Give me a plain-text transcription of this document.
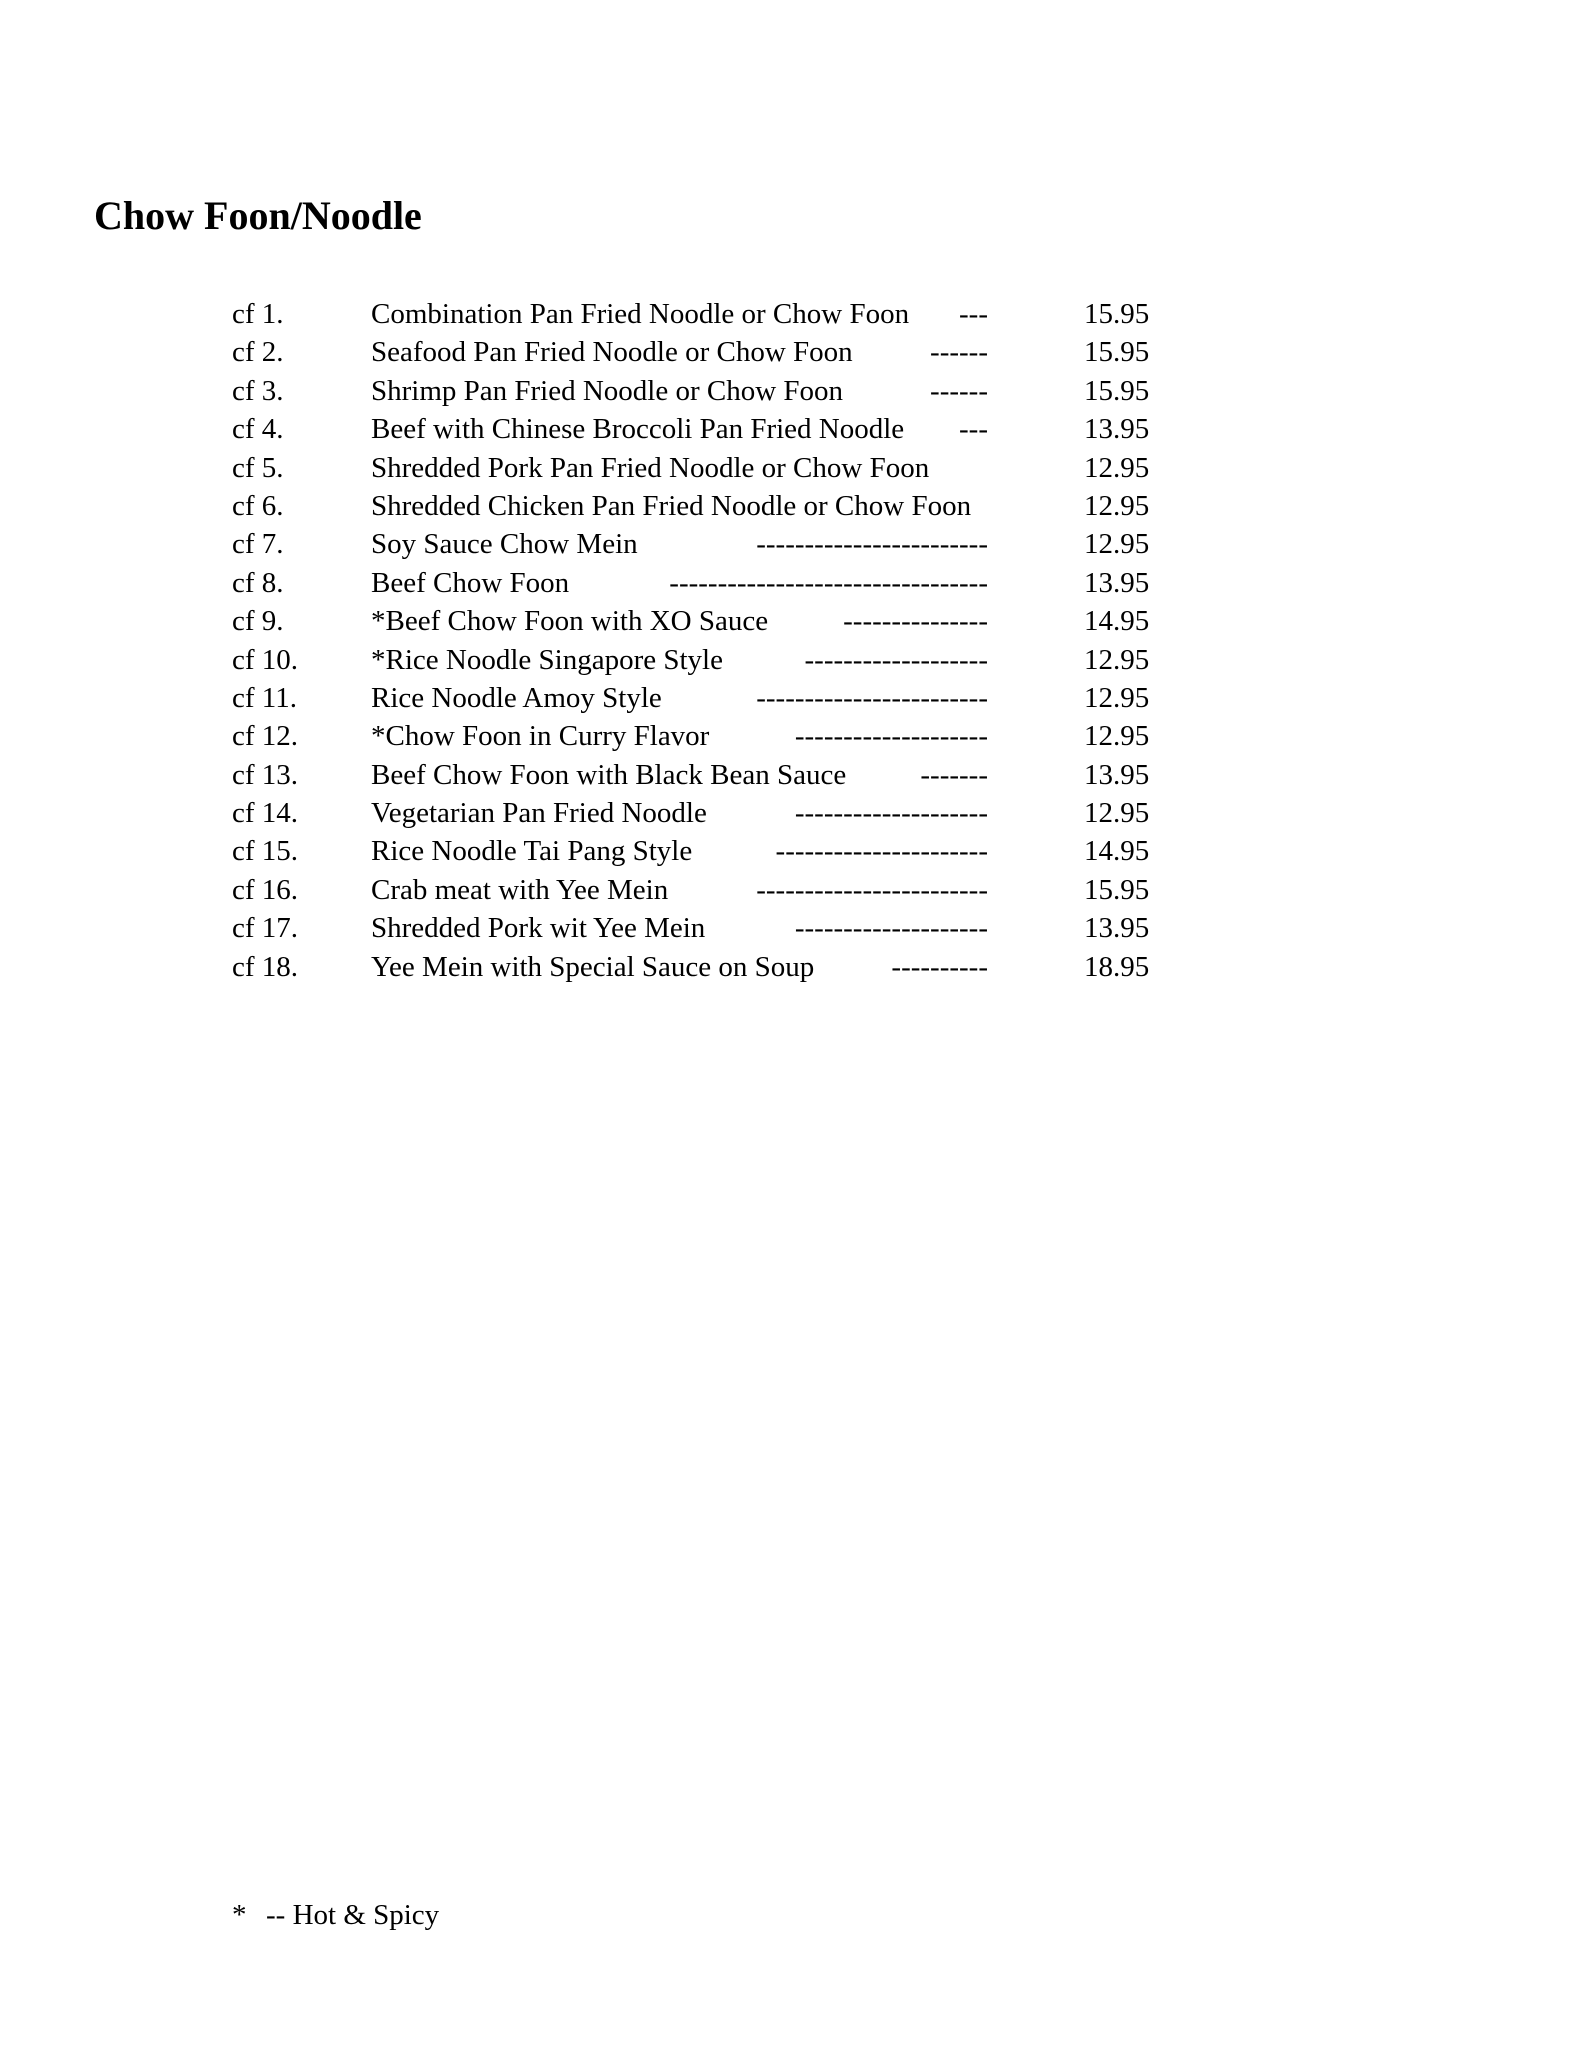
Chow Foon/Noodle
cf 1.	Combination Pan Fried Noodle or Chow Foon ---	15.95
cf 2.	Seafood Pan Fried Noodle or Chow Foon	------	15.95
cf 3.	Shrimp Pan Fried Noodle or Chow Foon	------	15.95
cf 4.	Beef with Chinese Broccoli Pan Fried Noodle ---	13.95
cf 5.	Shredded Pork Pan Fried Noodle or Chow Foon	12.95
cf 6.	Shredded Chicken Pan Fried Noodle or Chow Foon	12.95
cf 7.	Soy Sauce Chow Mein	------------------------	12.95
cf 8.	Beef Chow Foon	---------------------------------	13.95
cf 9.	*Beef Chow Foon with XO Sauce	---------------	14.95
cf 10.	*Rice Noodle Singapore Style	-------------------	12.95
cf 11.	Rice Noodle Amoy Style	------------------------	12.95
cf 12.	*Chow Foon in Curry Flavor	--------------------	12.95
cf 13.	Beef Chow Foon with Black Bean Sauce	-------	13.95
cf 14.	Vegetarian Pan Fried Noodle	--------------------	12.95
cf 15.	Rice Noodle Tai Pang Style	----------------------	14.95
cf 16.	Crab meat with Yee Mein	------------------------	15.95
cf 17.	Shredded Pork wit Yee Mein	--------------------	13.95
cf 18.	Yee Mein with Special Sauce on Soup	----------	18.95
* -- Hot & Spicy
